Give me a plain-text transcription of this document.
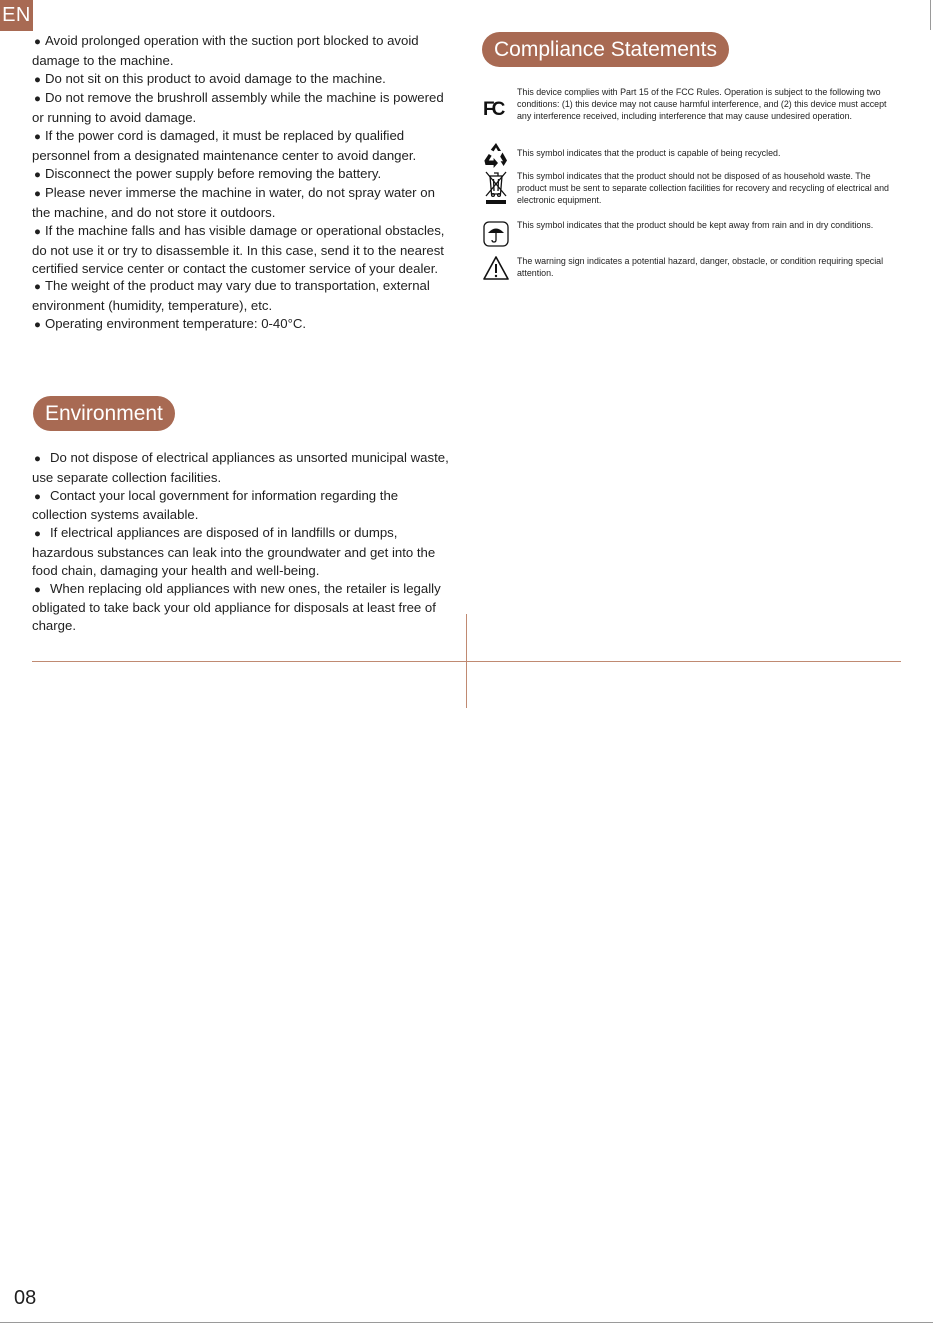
EN
● Avoid prolonged operation with the suction port blocked to avoid damage to the machine.
● Do not sit on this product to avoid damage to the machine.
● Do not remove the brushroll assembly while the machine is powered or running to avoid damage.
● If the power cord is damaged, it must be replaced by qualified personnel from a designated maintenance center to avoid danger.
● Disconnect the power supply before removing the battery.
● Please never immerse the machine in water, do not spray water on the machine, and do not store it outdoors.
● If the machine falls and has visible damage or operational obstacles, do not use it or try to disassemble it. In this case, send it to the nearest certified service center or contact the customer service of your dealer.
● The weight of the product may vary due to transportation, external environment (humidity, temperature), etc.
● Operating environment temperature: 0-40°C.
Environment
● Do not dispose of electrical appliances as unsorted municipal waste, use separate collection facilities.
● Contact your local government for information regarding the collection systems available.
● If electrical appliances are disposed of in landfills or dumps, hazardous substances can leak into the groundwater and get into the food chain, damaging your health and well-being.
● When replacing old appliances with new ones, the retailer is legally obligated to take back your old appliance for disposals at least free of charge.
Compliance Statements
FC
This device complies with Part 15 of the FCC Rules. Operation is subject to the following two conditions: (1) this device may not cause harmful interference, and (2) this device must accept any interference received, including interference that may cause undesired operation.
This symbol indicates that the product is capable of being recycled.
This symbol indicates that the product should not be disposed of as household waste. The product must be sent to separate collection facilities for recovery and recycling of electrical and electronic equipment.
This symbol indicates that the product should be kept away from rain and in dry conditions.
The warning sign indicates a potential hazard, danger, obstacle, or condition requiring special attention.
08
